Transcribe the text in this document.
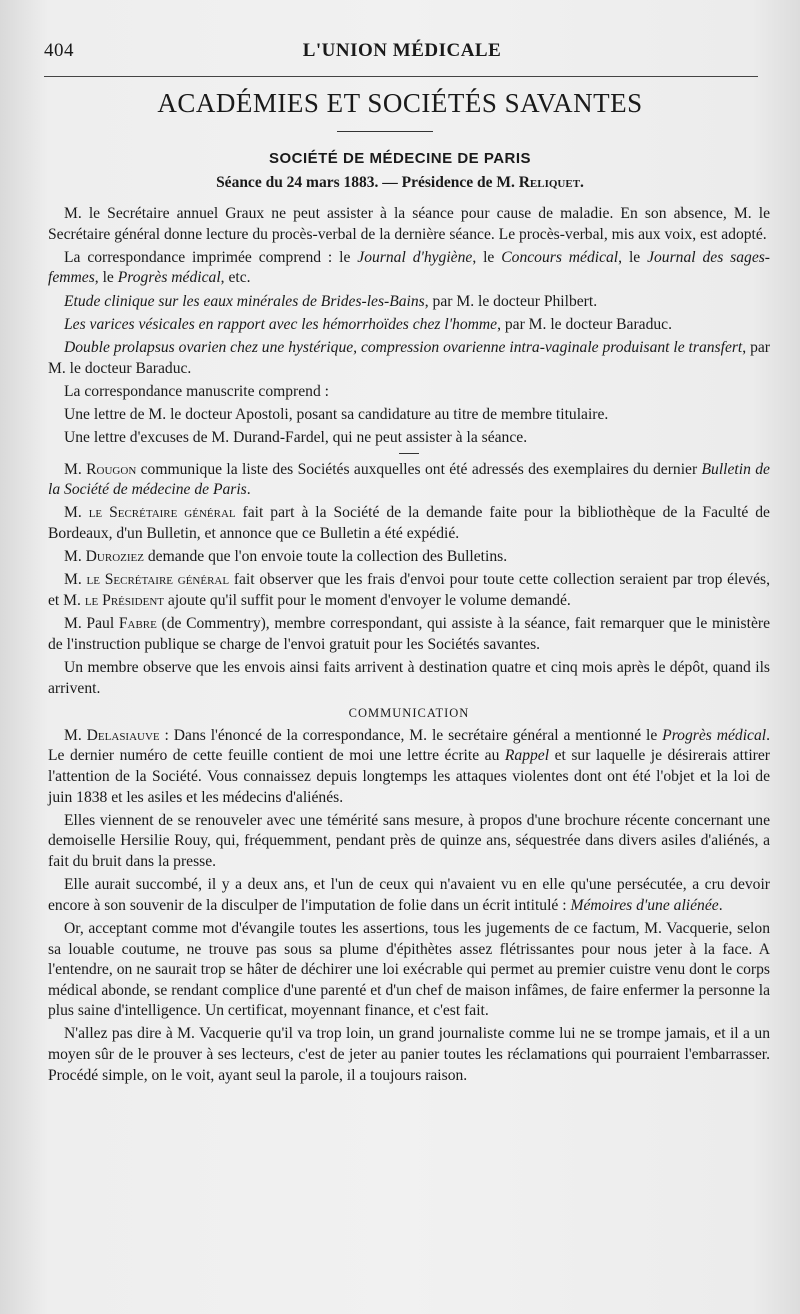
404	L'UNION MÉDICALE
ACADÉMIES ET SOCIÉTÉS SAVANTES
SOCIÉTÉ DE MÉDECINE DE PARIS
Séance du 24 mars 1883. — Présidence de M. Reliquet.

M. le Secrétaire annuel Graux ne peut assister à la séance pour cause de maladie. En son absence, M. le Secrétaire général donne lecture du procès-verbal de la dernière séance. Le procès-verbal, mis aux voix, est adopté.

La correspondance imprimée comprend : le Journal d'hygiène, le Concours médical, le Journal des sages-femmes, le Progrès médical, etc.

Etude clinique sur les eaux minérales de Brides-les-Bains, par M. le docteur Philbert.

Les varices vésicales en rapport avec les hémorrhoïdes chez l'homme, par M. le docteur Baraduc.

Double prolapsus ovarien chez une hystérique, compression ovarienne intra-vaginale produisant le transfert, par M. le docteur Baraduc.

La correspondance manuscrite comprend :

Une lettre de M. le docteur Apostoli, posant sa candidature au titre de membre titulaire.

Une lettre d'excuses de M. Durand-Fardel, qui ne peut assister à la séance.

M. Rougon communique la liste des Sociétés auxquelles ont été adressés des exemplaires du dernier Bulletin de la Société de médecine de Paris.

M. le Secrétaire général fait part à la Société de la demande faite pour la bibliothèque de la Faculté de Bordeaux, d'un Bulletin, et annonce que ce Bulletin a été expédié.

M. Duroziez demande que l'on envoie toute la collection des Bulletins.

M. le Secrétaire général fait observer que les frais d'envoi pour toute cette collection seraient par trop élevés, et M. le Président ajoute qu'il suffit pour le moment d'envoyer le volume demandé.

M. Paul Fabre (de Commentry), membre correspondant, qui assiste à la séance, fait remarquer que le ministère de l'instruction publique se charge de l'envoi gratuit pour les Sociétés savantes.

Un membre observe que les envois ainsi faits arrivent à destination quatre et cinq mois après le dépôt, quand ils arrivent.

COMMUNICATION

M. Delasiauve : Dans l'énoncé de la correspondance, M. le secrétaire général a mentionné le Progrès médical. Le dernier numéro de cette feuille contient de moi une lettre écrite au Rappel et sur laquelle je désirerais attirer l'attention de la Société. Vous connaissez depuis longtemps les attaques violentes dont ont été l'objet et la loi de juin 1838 et les asiles et les médecins d'aliénés.

Elles viennent de se renouveler avec une témérité sans mesure, à propos d'une brochure récente concernant une demoiselle Hersilie Rouy, qui, fréquemment, pendant près de quinze ans, séquestrée dans divers asiles d'aliénés, a fait du bruit dans la presse.

Elle aurait succombé, il y a deux ans, et l'un de ceux qui n'avaient vu en elle qu'une persécutée, a cru devoir encore à son souvenir de la disculper de l'imputation de folie dans un écrit intitulé : Mémoires d'une aliénée.

Or, acceptant comme mot d'évangile toutes les assertions, tous les jugements de ce factum, M. Vacquerie, selon sa louable coutume, ne trouve pas sous sa plume d'épithètes assez flétrissantes pour nous jeter à la face. A l'entendre, on ne saurait trop se hâter de déchirer une loi exécrable qui permet au premier cuistre venu dont le corps médical abonde, se rendant complice d'une parenté et d'un chef de maison infâmes, de faire enfermer la personne la plus saine d'intelligence. Un certificat, moyennant finance, et c'est fait.

N'allez pas dire à M. Vacquerie qu'il va trop loin, un grand journaliste comme lui ne se trompe jamais, et il a un moyen sûr de le prouver à ses lecteurs, c'est de jeter au panier toutes les réclamations qui pourraient l'embarrasser. Procédé simple, on le voit, ayant seul la parole, il a toujours raison.
